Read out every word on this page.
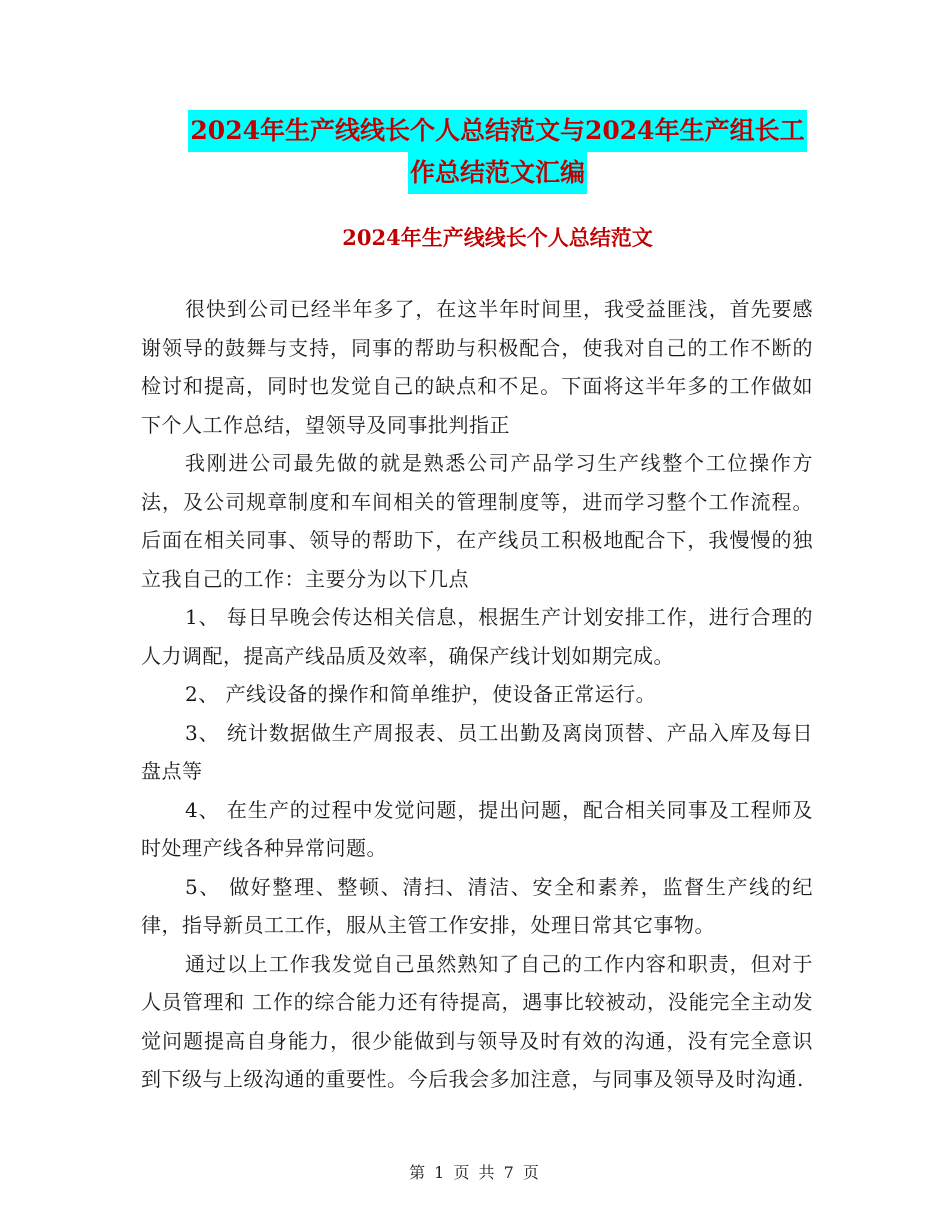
2024年生产线线长个人总结范文与2024年生产组长工
作总结范文汇编
2024年生产线线长个人总结范文

很快到公司已经半年多了，在这半年时间里，我受益匪浅，首先要感谢领导的鼓舞与支持，同事的帮助与积极配合，使我对自己的工作不断的检讨和提高，同时也发觉自己的缺点和不足。下面将这半年多的工作做如下个人工作总结，望领导及同事批判指正

我刚进公司最先做的就是熟悉公司产品学习生产线整个工位操作方法，及公司规章制度和车间相关的管理制度等，进而学习整个工作流程。后面在相关同事、领导的帮助下，在产线员工积极地配合下，我慢慢的独立我自己的工作：主要分为以下几点

1、 每日早晚会传达相关信息，根据生产计划安排工作，进行合理的人力调配，提高产线品质及效率，确保产线计划如期完成。

2、 产线设备的操作和简单维护，使设备正常运行。

3、 统计数据做生产周报表、员工出勤及离岗顶替、产品入库及每日盘点等

4、 在生产的过程中发觉问题，提出问题，配合相关同事及工程师及时处理产线各种异常问题。

5、 做好整理、整顿、清扫、清洁、安全和素养，监督生产线的纪律，指导新员工工作，服从主管工作安排，处理日常其它事物。

通过以上工作我发觉自己虽然熟知了自己的工作内容和职责，但对于人员管理和 工作的综合能力还有待提高，遇事比较被动，没能完全主动发觉问题提高自身能力，很少能做到与领导及时有效的沟通，没有完全意识到下级与上级沟通的重要性。今后我会多加注意，与同事及领导及时沟通.

第 1 页 共 7 页
